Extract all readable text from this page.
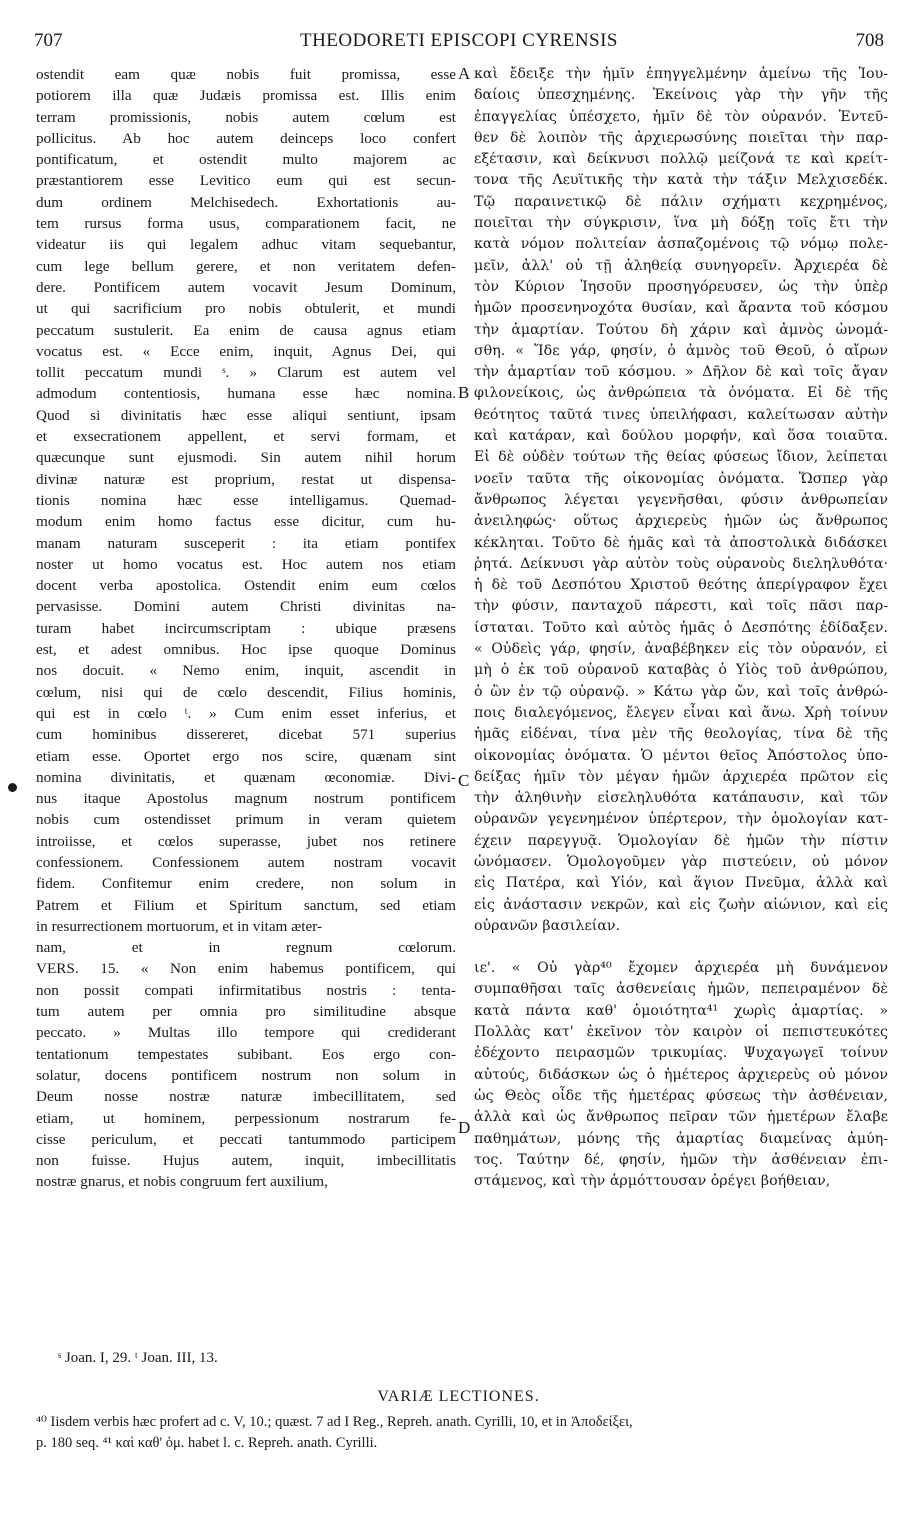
707	THEODORETI EPISCOPI CYRENSIS	708
ostendit eam quæ nobis fuit promissa, esse
potiorem illa quæ Judæis promissa est. Illis enim
terram promissionis, nobis autem cœlum est
pollicitus. Ab hoc autem deinceps loco confert
pontificatum, et ostendit multo majorem ac
præstantiorem esse Levitico eum qui est secun-
dum ordinem Melchisedech. Exhortationis au-
tem rursus forma usus, comparationem facit, ne
videatur iis qui legalem adhuc vitam sequebantur,
cum lege bellum gerere, et non veritatem defen-
dere. Pontificem autem vocavit Jesum Dominum,
ut qui sacrificium pro nobis obtulerit, et mundi
peccatum sustulerit. Ea enim de causa agnus etiam
vocatus est. « Ecce enim, inquit, Agnus Dei, qui
tollit peccatum mundi ˢ. » Clarum est autem vel
admodum contentiosis, humana esse hæc nomina.
Quod si divinitatis hæc esse aliqui sentiunt, ipsam
et exsecrationem appellent, et servi formam, et
quæcunque sunt ejusmodi. Sin autem nihil horum
divinæ naturæ est proprium, restat ut dispensa-
tionis nomina hæc esse intelligamus. Quemad-
modum enim homo factus esse dicitur, cum hu-
manam naturam susceperit : ita etiam pontifex
noster ut homo vocatus est. Hoc autem nos etiam
docent verba apostolica. Ostendit enim eum cœlos
pervasisse. Domini autem Christi divinitas na-
turam habet incircumscriptam : ubique præsens
est, et adest omnibus. Hoc ipse quoque Dominus
nos docuit. « Nemo enim, inquit, ascendit in
cœlum, nisi qui de cœlo descendit, Filius hominis,
qui est in cœlo ᵗ. » Cum enim esset inferius, et
cum hominibus dissereret, dicebat 571 superius
etiam esse. Oportet ergo nos scire, quænam sint
nomina divinitatis, et quænam œconomiæ. Divi-
nus itaque Apostolus magnum nostrum pontificem
nobis cum ostendisset primum in veram quietem
introiisse, et cœlos superasse, jubet nos retinere
confessionem. Confessionem autem nostram vocavit
fidem. Confitemur enim credere, non solum in
Patrem et Filium et Spiritum sanctum, sed etiam
in resurrectionem mortuorum, et in vitam æter-
nam, et in regnum cœlorum.
VERS. 15. « Non enim habemus pontificem, qui
non possit compati infirmitatibus nostris : tenta-
tum autem per omnia pro similitudine absque
peccato. » Multas illo tempore qui crediderant
tentationum tempestates subibant. Eos ergo con-
solatur, docens pontificem nostrum non solum in
Deum nosse nostræ naturæ imbecillitatem, sed
etiam, ut hominem, perpessionum nostrarum fe-
cisse periculum, et peccati tantummodo participem
non fuisse. Hujus autem, inquit, imbecillitatis
nostræ gnarus, et nobis congruum fert auxilium,
καὶ ἔδειξε τὴν ἡμῖν ἐπηγγελμένην ἀμείνω τῆς Ἰου-
δαίοις ὑπεσχημένης. Ἐκείνοις γὰρ τὴν γῆν τῆς
ἐπαγγελίας ὑπέσχετο, ἡμῖν δὲ τὸν οὐρανόν. Ἐντεῦ-
θεν δὲ λοιπὸν τῆς ἀρχιερωσύνης ποιεῖται τὴν παρ-
εξέτασιν, καὶ δείκνυσι πολλῷ μείζονά τε καὶ κρείτ-
τονα τῆς Λευϊτικῆς τὴν κατὰ τὴν τάξιν Μελχισεδέκ.
Τῷ παραινετικῷ δὲ πάλιν σχήματι κεχρημένος,
ποιεῖται τὴν σύγκρισιν, ἵνα μὴ δόξῃ τοῖς ἔτι τὴν
κατὰ νόμον πολιτείαν ἀσπαζομένοις τῷ νόμῳ πολε-
μεῖν, ἀλλ' οὐ τῇ ἀληθείᾳ συνηγορεῖν. Ἀρχιερέα δὲ
τὸν Κύριον Ἰησοῦν προσηγόρευσεν, ὡς τὴν ὑπὲρ
ἡμῶν προσενηνοχότα θυσίαν, καὶ ἄραντα τοῦ κόσμου
τὴν ἁμαρτίαν. Τούτου δὴ χάριν καὶ ἀμνὸς ὠνομά-
σθη. « Ἴδε γάρ, φησίν, ὁ ἀμνὸς τοῦ Θεοῦ, ὁ αἴρων
τὴν ἁμαρτίαν τοῦ κόσμου. » Δῆλον δὲ καὶ τοῖς ἄγαν
φιλονείκοις, ὡς ἀνθρώπεια τὰ ὀνόματα. Εἰ δὲ τῆς
θεότητος ταῦτά τινες ὑπειλήφασι, καλείτωσαν αὐτὴν
καὶ κατάραν, καὶ δούλου μορφήν, καὶ ὅσα τοιαῦτα.
Εἰ δὲ οὐδὲν τούτων τῆς θείας φύσεως ἴδιον, λείπεται
νοεῖν ταῦτα τῆς οἰκονομίας ὀνόματα. Ὥσπερ γὰρ
ἄνθρωπος λέγεται γεγενῆσθαι, φύσιν ἀνθρωπείαν
ἀνειληφώς· οὕτως ἀρχιερεὺς ἡμῶν ὡς ἄνθρωπος
κέκληται. Τοῦτο δὲ ἡμᾶς καὶ τὰ ἀποστολικὰ διδάσκει
ῥητά. Δείκνυσι γὰρ αὐτὸν τοὺς οὐρανοὺς διεληλυθότα·
ἡ δὲ τοῦ Δεσπότου Χριστοῦ θεότης ἀπερίγραφον ἔχει
τὴν φύσιν, πανταχοῦ πάρεστι, καὶ τοῖς πᾶσι παρ-
ίσταται. Τοῦτο καὶ αὐτὸς ἡμᾶς ὁ Δεσπότης ἐδίδαξεν.
« Οὐδεὶς γάρ, φησίν, ἀναβέβηκεν εἰς τὸν οὐρανόν, εἰ
μὴ ὁ ἐκ τοῦ οὐρανοῦ καταβὰς ὁ Υἱὸς τοῦ ἀνθρώπου,
ὁ ὢν ἐν τῷ οὐρανῷ. » Κάτω γὰρ ὤν, καὶ τοῖς ἀνθρώ-
ποις διαλεγόμενος, ἔλεγεν εἶναι καὶ ἄνω. Χρὴ τοίνυν
ἡμᾶς εἰδέναι, τίνα μὲν τῆς θεολογίας, τίνα δὲ τῆς
οἰκονομίας ὀνόματα. Ὁ μέντοι θεῖος Ἀπόστολος ὑπο-
δείξας ἡμῖν τὸν μέγαν ἡμῶν ἀρχιερέα πρῶτον εἰς
τὴν ἀληθινὴν εἰσεληλυθότα κατάπαυσιν, καὶ τῶν
οὐρανῶν γεγενημένον ὑπέρτερον, τὴν ὁμολογίαν κατ-
έχειν παρεγγυᾷ. Ὁμολογίαν δὲ ἡμῶν τὴν πίστιν
ὠνόμασεν. Ὁμολογοῦμεν γὰρ πιστεύειν, οὐ μόνον
εἰς Πατέρα, καὶ Υἱόν, καὶ ἅγιον Πνεῦμα, ἀλλὰ καὶ
εἰς ἀνάστασιν νεκρῶν, καὶ εἰς ζωὴν αἰώνιον, καὶ εἰς
οὐρανῶν βασιλείαν.
ιε'. « Οὐ γὰρ⁴⁰ ἔχομεν ἀρχιερέα μὴ δυνάμενον
συμπαθῆσαι ταῖς ἀσθενείαις ἡμῶν, πεπειραμένον δὲ
κατὰ πάντα καθ' ὁμοιότητα⁴¹ χωρὶς ἁμαρτίας. »
Πολλὰς κατ' ἐκεῖνον τὸν καιρὸν οἱ πεπιστευκότες
ἐδέχοντο πειρασμῶν τρικυμίας. Ψυχαγωγεῖ τοίνυν
αὐτούς, διδάσκων ὡς ὁ ἡμέτερος ἀρχιερεὺς οὐ μόνον
ὡς Θεὸς οἶδε τῆς ἡμετέρας φύσεως τὴν ἀσθένειαν,
ἀλλὰ καὶ ὡς ἄνθρωπος πεῖραν τῶν ἡμετέρων ἔλαβε
παθημάτων, μόνης τῆς ἁμαρτίας διαμείνας ἀμύη-
τος. Ταύτην δέ, φησίν, ἡμῶν τὴν ἀσθένειαν ἐπι-
στάμενος, καὶ τὴν ἁρμόττουσαν ὀρέγει βοήθειαν,
A
B
C
D
ˢ Joan. I, 29. ᵗ Joan. III, 13.
VARIÆ LECTIONES.
⁴⁰ Iisdem verbis hæc profert ad c. V, 10.; quæst. 7 ad I Reg., Repreh. anath. Cyrilli, 10, et in Ἀποδείξει,
p. 180 seq. ⁴¹ καὶ καθ' ὁμ. habet l. c. Repreh. anath. Cyrilli.
